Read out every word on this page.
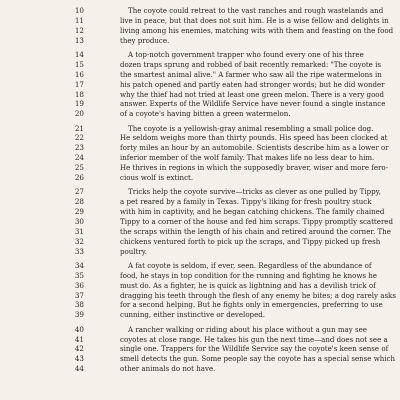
10	The coyote could retreat to the vast ranches and rough wastelands and
11	live in peace, but that does not suit him. He is a wise fellow and delights in
12	living among his enemies, matching wits with them and feasting on the food
13	they produce.
14	A top-notch government trapper who found every one of his three
15	dozen traps sprung and robbed of bait recently remarked: "The coyote is
16	the smartest animal alive." A farmer who saw all the ripe watermelons in
17	his patch opened and partly eaten had stronger words; but he did wonder
18	why the thief had not tried at least one green melon. There is a very good
19	answer. Experts of the Wildlife Service have never found a single instance
20	of a coyote's having bitten a green watermelon.
21	The coyote is a yellowish-gray animal resembling a small police dog.
22	He seldom weighs more than thirty pounds. His speed has been clocked at
23	forty miles an hour by an automobile. Scientists describe him as a lower or
24	inferior member of the wolf family. That makes life no less dear to him.
25	He thrives in regions in which the supposedly braver, wiser and more fero-
26	cious wolf is extinct.
27	Tricks help the coyote survive—tricks as clever as one pulled by Tippy,
28	a pet reared by a family in Texas. Tippy's liking for fresh poultry stuck
29	with him in captivity, and he began catching chickens. The family chained
30	Tippy to a corner of the house and fed him scraps. Tippy promptly scattered
31	the scraps within the length of his chain and retired around the corner. The
32	chickens ventured forth to pick up the scraps, and Tippy picked up fresh
33	poultry.
34	A fat coyote is seldom, if ever, seen. Regardless of the abundance of
35	food, he stays in top condition for the running and fighting he knows he
36	must do. As a fighter, he is quick as lightning and has a devilish trick of
37	dragging his teeth through the flesh of any enemy he bites; a dog rarely asks
38	for a second helping. But he fights only in emergencies, preferring to use
39	cunning, either instinctive or developed.
40	A rancher walking or riding about his place without a gun may see
41	coyotes at close range. He takes his gun the next time—and does not see a
42	single one. Trappers for the Wildlife Service say the coyote's keen sense of
43	smell detects the gun. Some people say the coyote has a special sense which
44	other animals do not have.
